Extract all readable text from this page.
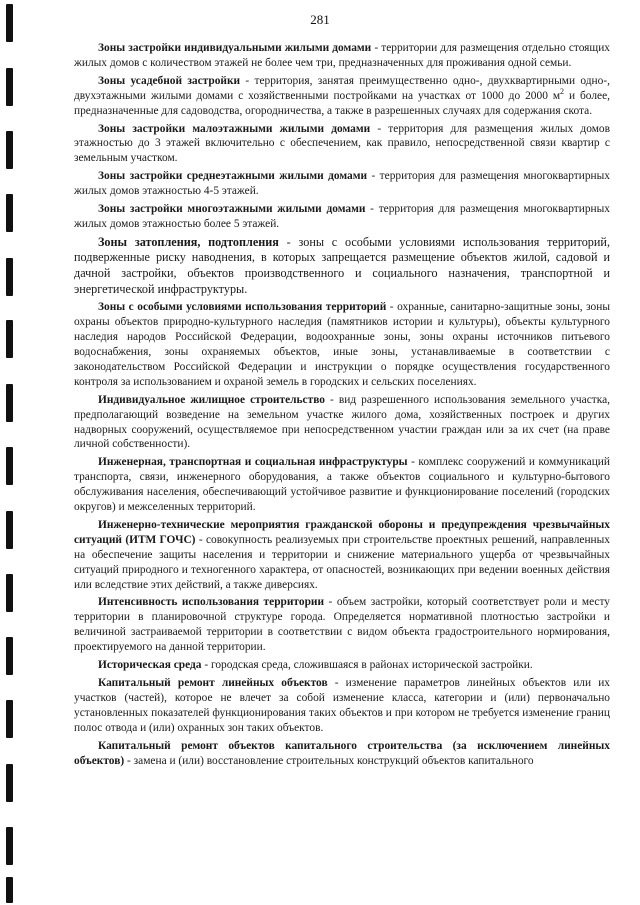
281

Зоны застройки индивидуальными жилыми домами - территории для размещения отдельно стоящих жилых домов с количеством этажей не более чем три, предназначенных для проживания одной семьи.

Зоны усадебной застройки - территория, занятая преимущественно одно-, двухквартирными одно-, двухэтажными жилыми домами с хозяйственными постройками на участках от 1000 до 2000 $м^2$ и более, предназначенные для садоводства, огородничества, а также в разрешенных случаях для содержания скота.

Зоны застройки малоэтажными жилыми домами - территория для размещения жилых домов этажностью до 3 этажей включительно с обеспечением, как правило, непосредственной связи квартир с земельным участком.

Зоны застройки среднеэтажными жилыми домами - территория для размещения многоквартирных жилых домов этажностью 4-5 этажей.

Зоны застройки многоэтажными жилыми домами - территория для размещения многоквартирных жилых домов этажностью более 5 этажей.

Зоны затопления, подтопления - зоны с особыми условиями использования территорий, подверженные риску наводнения, в которых запрещается размещение объектов жилой, садовой и дачной застройки, объектов производственного и социального назначения, транспортной и энергетической инфраструктуры.

Зоны с особыми условиями использования территорий - охранные, санитарно-защитные зоны, зоны охраны объектов природно-культурного наследия (памятников истории и культуры), объекты культурного наследия народов Российской Федерации, водоохранные зоны, зоны охраны источников питьевого водоснабжения, зоны охраняемых объектов, иные зоны, устанавливаемые в соответствии с законодательством Российской Федерации и инструкции о порядке осуществления государственного контроля за использованием и охраной земель в городских и сельских поселениях.

Индивидуальное жилищное строительство - вид разрешенного использования земельного участка, предполагающий возведение на земельном участке жилого дома, хозяйственных построек и других надворных сооружений, осуществляемое при непосредственном участии граждан или за их счет (на праве личной собственности).

Инженерная, транспортная и социальная инфраструктуры - комплекс сооружений и коммуникаций транспорта, связи, инженерного оборудования, а также объектов социального и культурно-бытового обслуживания населения, обеспечивающий устойчивое развитие и функционирование поселений (городских округов) и межселенных территорий.

Инженерно-технические мероприятия гражданской обороны и предупреждения чрезвычайных ситуаций (ИТМ ГОЧС) - совокупность реализуемых при строительстве проектных решений, направленных на обеспечение защиты населения и территории и снижение материального ущерба от чрезвычайных ситуаций природного и техногенного характера, от опасностей, возникающих при ведении военных действия или вследствие этих действий, а также диверсиях.

Интенсивность использования территории - объем застройки, который соответствует роли и месту территории в планировочной структуре города. Определяется нормативной плотностью застройки и величиной застраиваемой территории в соответствии с видом объекта градостроительного нормирования, проектируемого на данной территории.

Историческая среда - городская среда, сложившаяся в районах исторической застройки.

Капитальный ремонт линейных объектов - изменение параметров линейных объектов или их участков (частей), которое не влечет за собой изменение класса, категории и (или) первоначально установленных показателей функционирования таких объектов и при котором не требуется изменение границ полос отвода и (или) охранных зон таких объектов.

Капитальный ремонт объектов капитального строительства (за исключением линейных объектов) - замена и (или) восстановление строительных конструкций объектов капитального
